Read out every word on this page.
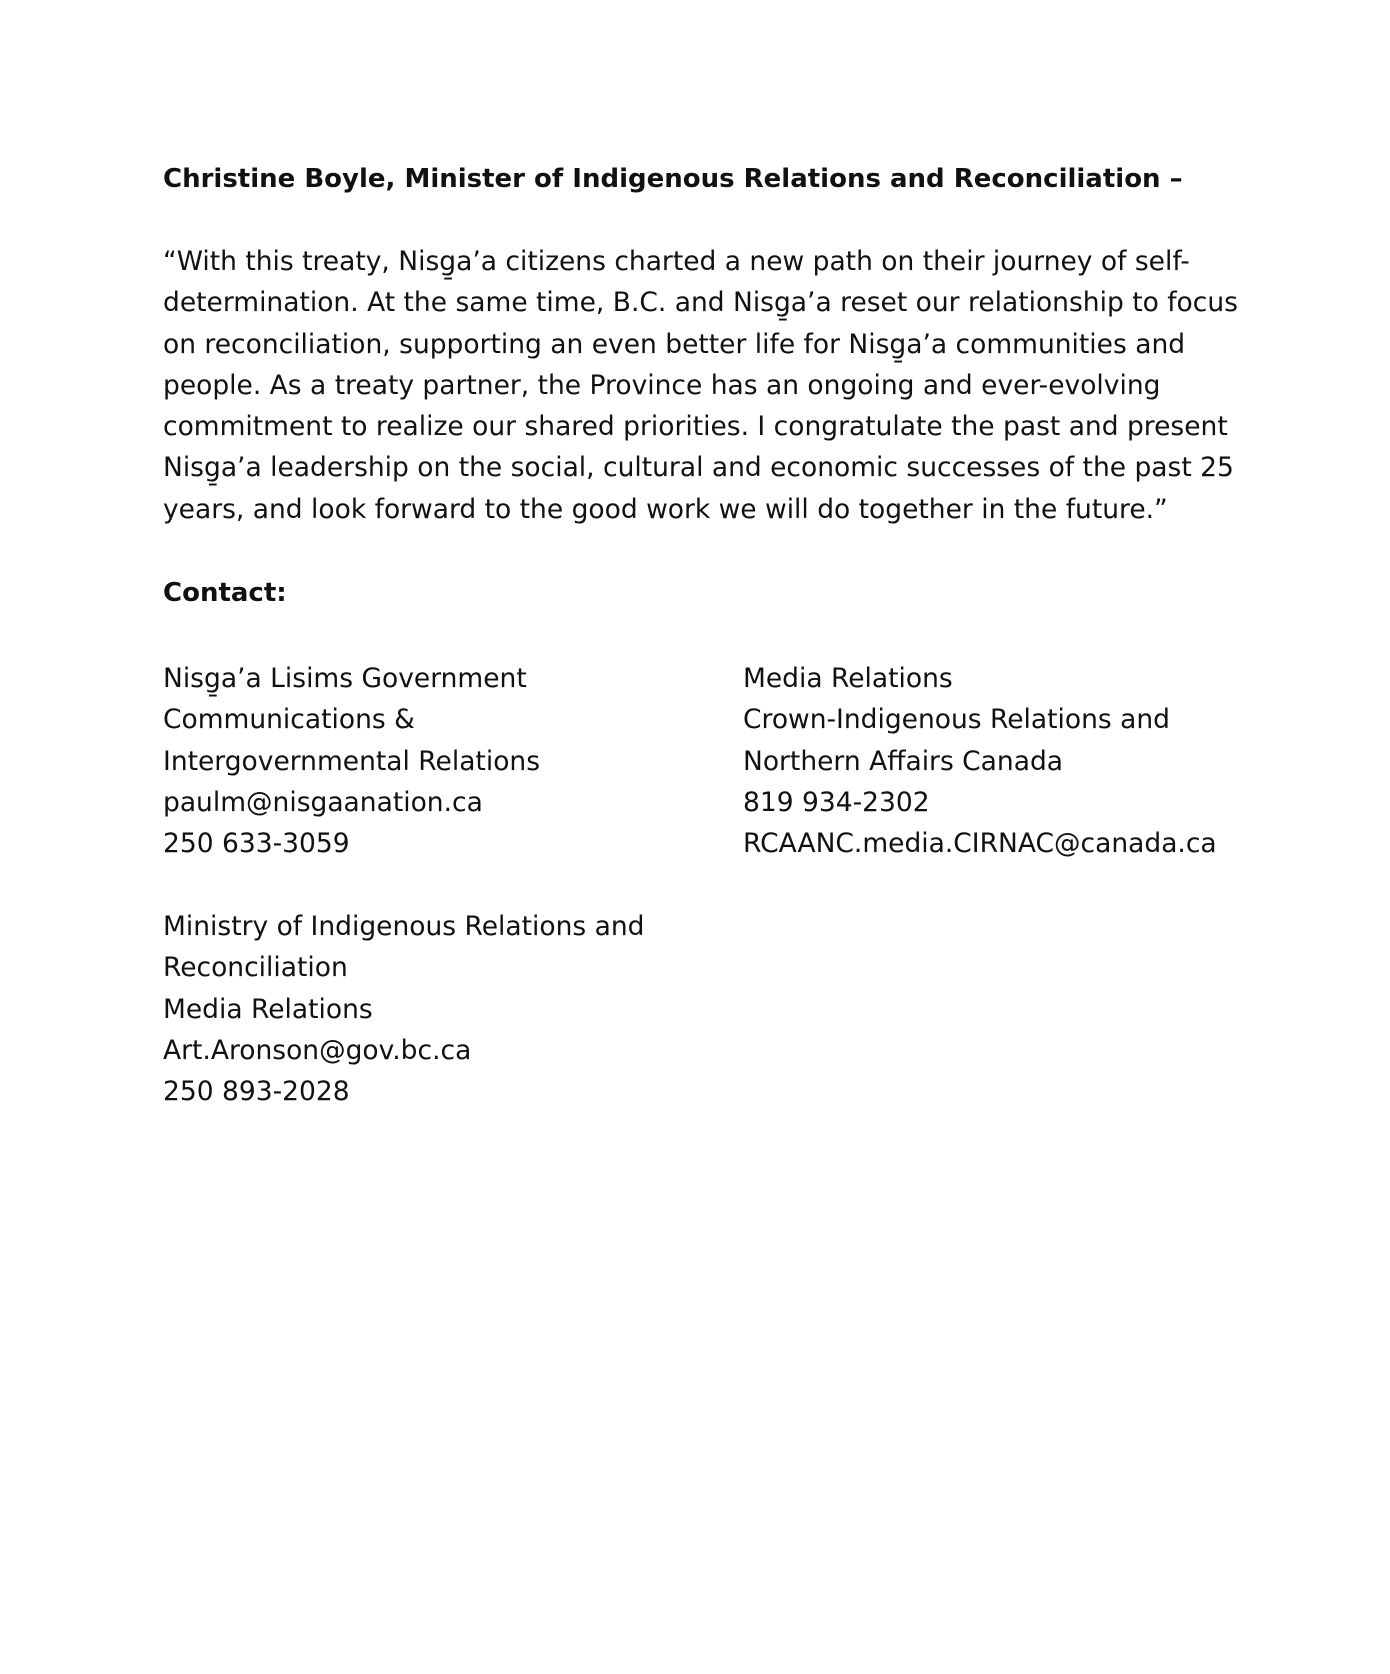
Christine Boyle, Minister of Indigenous Relations and Reconciliation –

“With this treaty, Nisg̱a’a citizens charted a new path on their journey of self-determination. At the same time, B.C. and Nisg̱a’a reset our relationship to focus on reconciliation, supporting an even better life for Nisg̱a’a communities and people. As a treaty partner, the Province has an ongoing and ever-evolving commitment to realize our shared priorities. I congratulate the past and present Nisg̱a’a leadership on the social, cultural and economic successes of the past 25 years, and look forward to the good work we will do together in the future.”

Contact:

Nisg̱a’a Lisims Government
Communications &
Intergovernmental Relations
paulm@nisgaanation.ca
250 633-3059
Media Relations
Crown-Indigenous Relations and
Northern Affairs Canada
819 934-2302
RCAANC.media.CIRNAC@canada.ca
Ministry of Indigenous Relations and
Reconciliation
Media Relations
Art.Aronson@gov.bc.ca
250 893-2028
